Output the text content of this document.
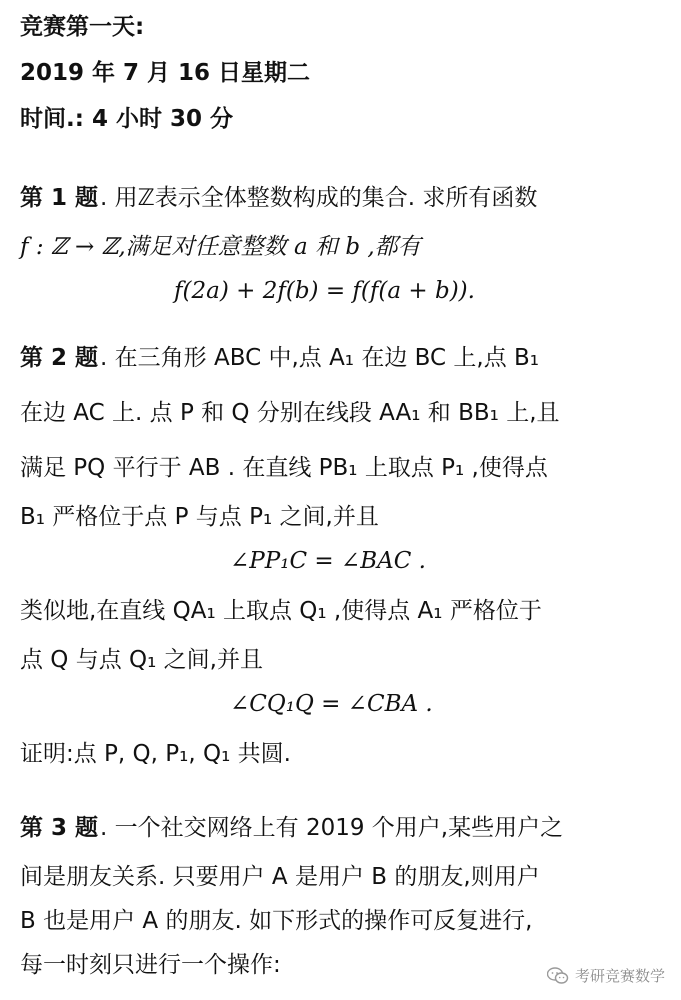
竞赛第一天:
2019 年 7 月 16 日星期二
时间.: 4 小时 30 分
第 1 题 . 用ℤ表示全体整数构成的集合. 求所有函数
f : ℤ → ℤ,满足对任意整数 a 和 b ,都有
f(2a) + 2f(b) = f(f(a + b)).
第 2 题 . 在三角形 ABC 中,点 A₁ 在边 BC 上,点 B₁
在边 AC 上. 点 P 和 Q 分别在线段 AA₁ 和 BB₁ 上,且
满足 PQ 平行于 AB . 在直线 PB₁ 上取点 P₁ ,使得点
B₁ 严格位于点 P 与点 P₁ 之间,并且
∠PP₁C = ∠BAC .
类似地,在直线 QA₁ 上取点 Q₁ ,使得点 A₁ 严格位于
点 Q 与点 Q₁ 之间,并且
∠CQ₁Q = ∠CBA .
证明:点 P, Q, P₁, Q₁ 共圆.
第 3 题 . 一个社交网络上有 2019 个用户,某些用户之
间是朋友关系. 只要用户 A 是用户 B 的朋友,则用户
B 也是用户 A 的朋友. 如下形式的操作可反复进行,
每一时刻只进行一个操作:	考研竞赛数学
